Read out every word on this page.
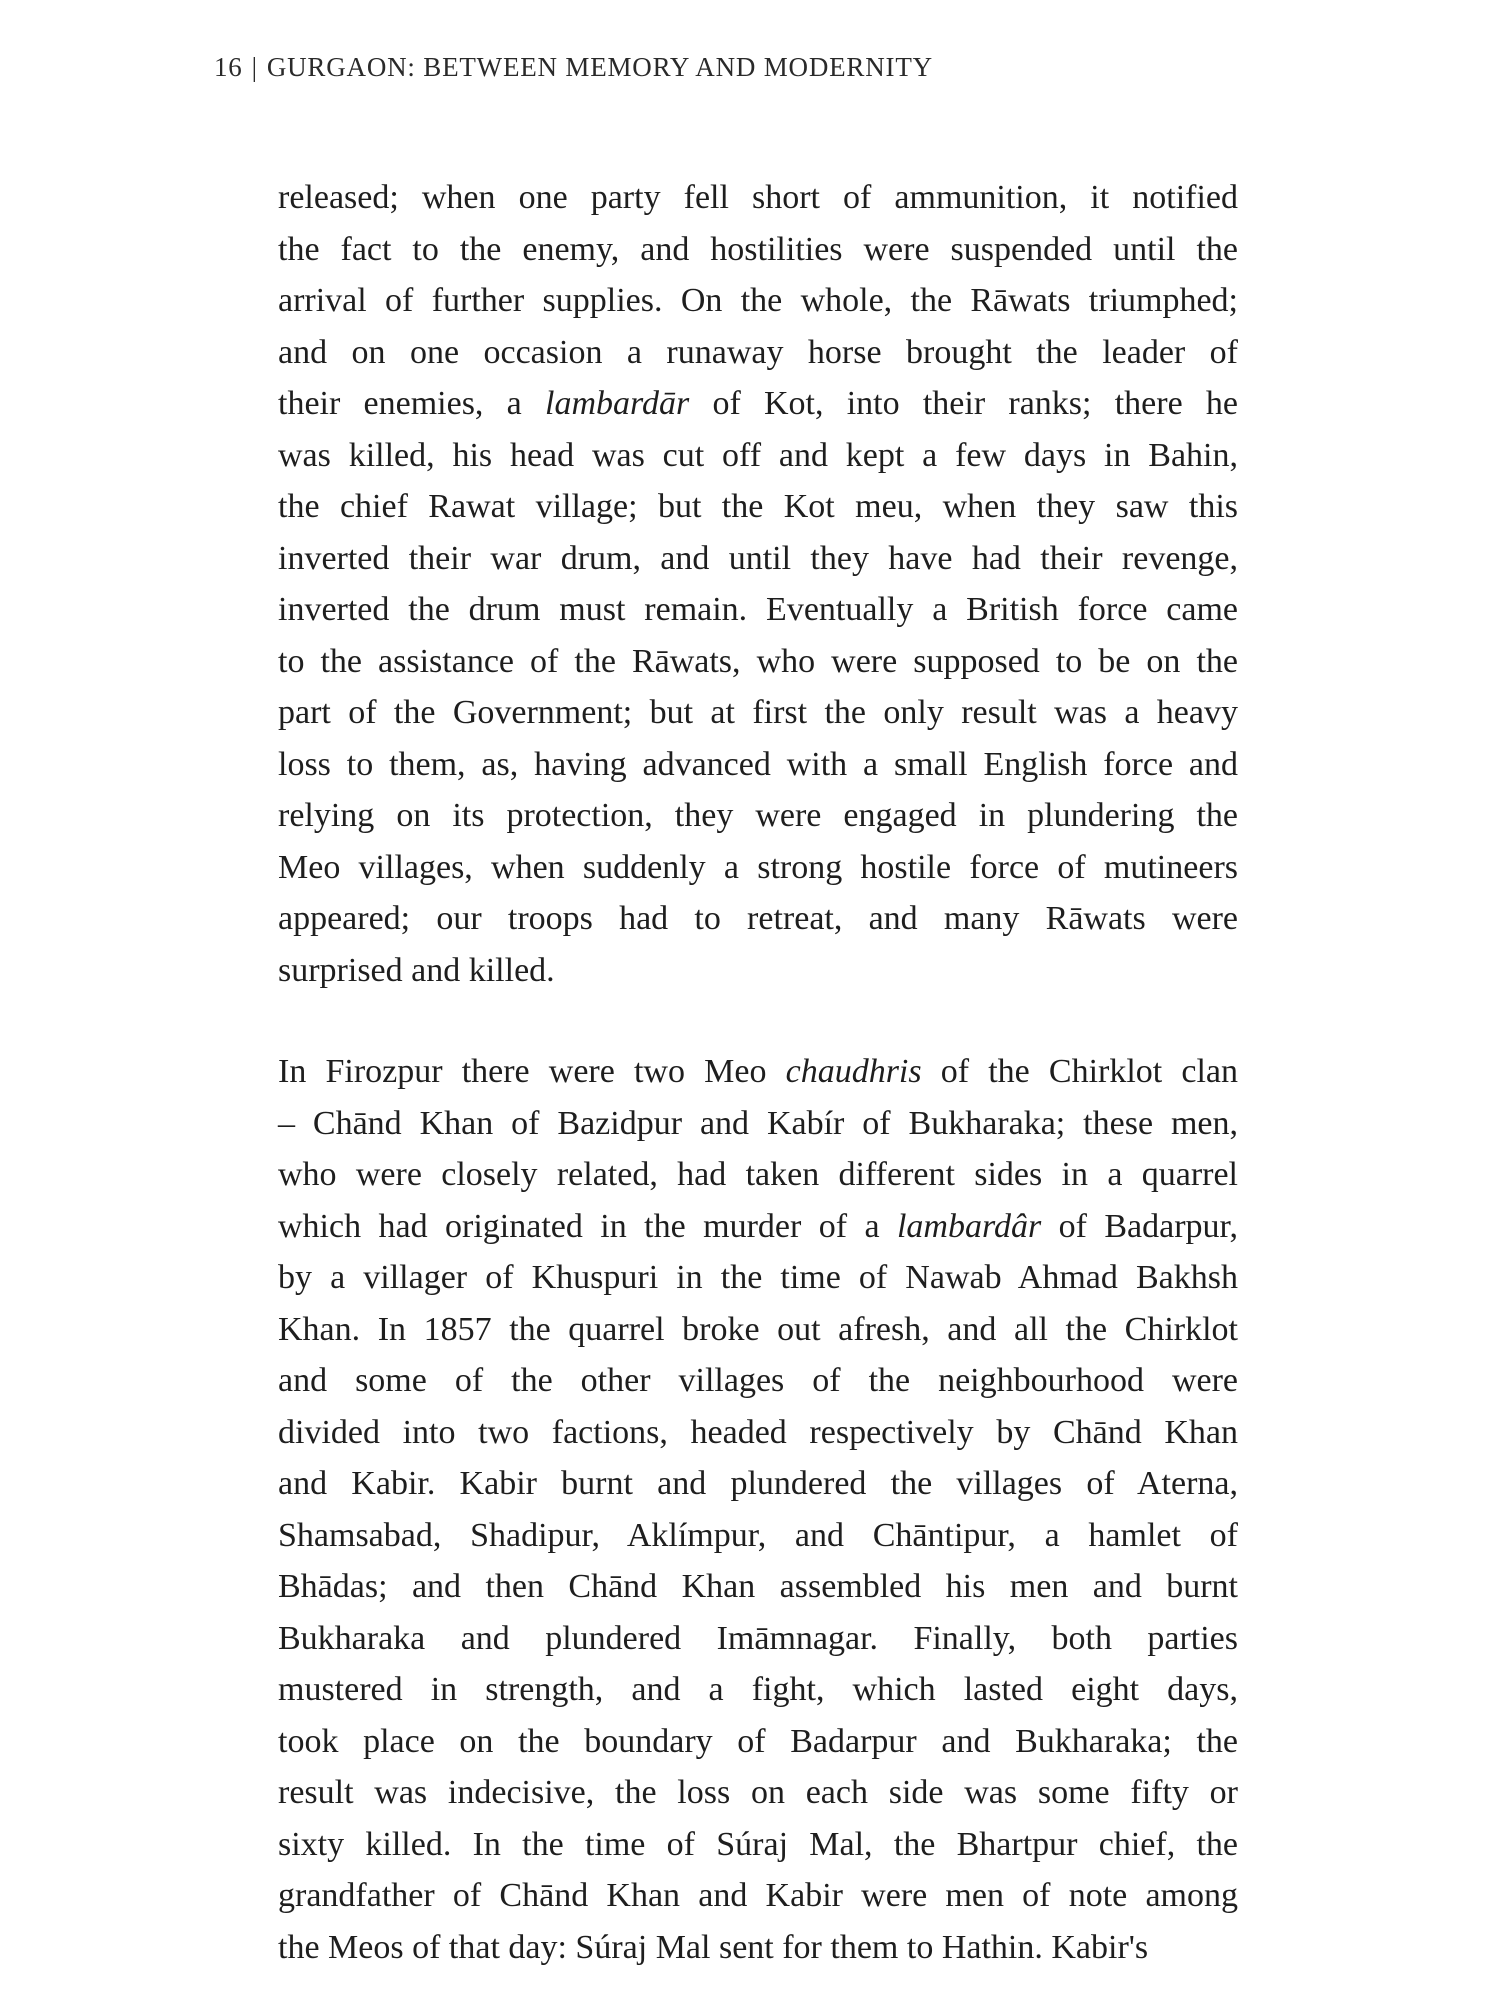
16 | GURGAON: BETWEEN MEMORY AND MODERNITY
released; when one party fell short of ammunition, it notified
the fact to the enemy, and hostilities were suspended until the
arrival of further supplies. On the whole, the Rāwats triumphed;
and on one occasion a runaway horse brought the leader of
their enemies, a lambardār of Kot, into their ranks; there he
was killed, his head was cut off and kept a few days in Bahin,
the chief Rawat village; but the Kot meu, when they saw this
inverted their war drum, and until they have had their revenge,
inverted the drum must remain. Eventually a British force came
to the assistance of the Rāwats, who were supposed to be on the
part of the Government; but at first the only result was a heavy
loss to them, as, having advanced with a small English force and
relying on its protection, they were engaged in plundering the
Meo villages, when suddenly a strong hostile force of mutineers
appeared; our troops had to retreat, and many Rāwats were
surprised and killed.
In Firozpur there were two Meo chaudhris of the Chirklot clan
– Chānd Khan of Bazidpur and Kabír of Bukharaka; these men,
who were closely related, had taken different sides in a quarrel
which had originated in the murder of a lambardâr of Badarpur,
by a villager of Khuspuri in the time of Nawab Ahmad Bakhsh
Khan. In 1857 the quarrel broke out afresh, and all the Chirklot
and some of the other villages of the neighbourhood were
divided into two factions, headed respectively by Chānd Khan
and Kabir. Kabir burnt and plundered the villages of Aterna,
Shamsabad, Shadipur, Aklímpur, and Chāntipur, a hamlet of
Bhādas; and then Chānd Khan assembled his men and burnt
Bukharaka and plundered Imāmnagar. Finally, both parties
mustered in strength, and a fight, which lasted eight days,
took place on the boundary of Badarpur and Bukharaka; the
result was indecisive, the loss on each side was some fifty or
sixty killed. In the time of Súraj Mal, the Bhartpur chief, the
grandfather of Chānd Khan and Kabir were men of note among
the Meos of that day: Súraj Mal sent for them to Hathin. Kabir's
